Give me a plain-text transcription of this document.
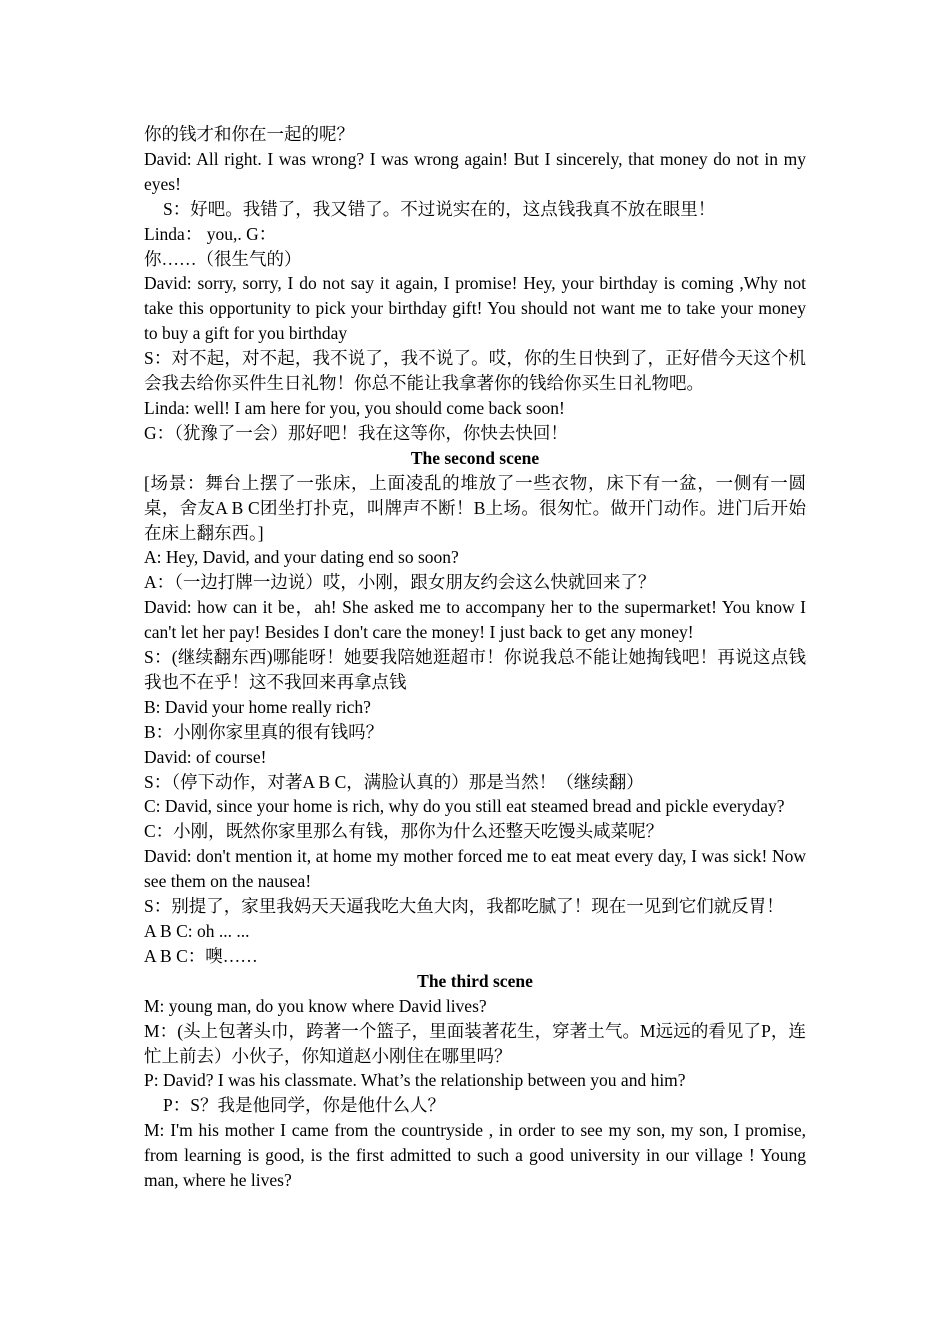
你的钱才和你在一起的呢？

David: All right. I was wrong? I was wrong again! But I sincerely, that money do not in my eyes!

S：好吧。我错了，我又错了。不过说实在的，这点钱我真不放在眼里！

Linda： you,. G：

你……（很生气的）

David: sorry, sorry, I do not say it again, I promise! Hey, your birthday is coming ,Why not take this opportunity to pick your birthday gift! You should not want me to take your money to buy a gift for you birthday

S：对不起，对不起，我不说了，我不说了。哎，你的生日快到了，正好借今天这个机会我去给你买件生日礼物！你总不能让我拿著你的钱给你买生日礼物吧。

Linda: well! I am here for you, you should come back soon!

G：（犹豫了一会）那好吧！我在这等你，你快去快回！

The second scene

[场景：舞台上摆了一张床，上面凌乱的堆放了一些衣物，床下有一盆，一侧有一圆桌，舍友A B C团坐打扑克，叫牌声不断！B上场。很匆忙。做开门动作。进门后开始在床上翻东西。]

A: Hey, David, and your dating end so soon?

A：（一边打牌一边说）哎，小刚，跟女朋友约会这么快就回来了？

David: how can it be，ah! She asked me to accompany her to the supermarket! You know I can't let her pay! Besides I don't care the money! I just back to get any money!

S：(继续翻东西)哪能呀！她要我陪她逛超市！你说我总不能让她掏钱吧！再说这点钱我也不在乎！这不我回来再拿点钱

B: David your home really rich?

B：小刚你家里真的很有钱吗？

David: of course!

S：（停下动作，对著A B C，满脸认真的）那是当然！（继续翻）

C: David, since your home is rich, why do you still eat steamed bread and pickle everyday?

C：小刚，既然你家里那么有钱，那你为什么还整天吃馒头咸菜呢？

David: don't mention it, at home my mother forced me to eat meat every day, I was sick! Now see them on the nausea!

S：别提了，家里我妈天天逼我吃大鱼大肉，我都吃腻了！现在一见到它们就反胃！

A B C: oh ... ...

A B C：噢……

The third scene

M: young man, do you know where David lives?

M：(头上包著头巾，跨著一个篮子，里面装著花生，穿著土气。M远远的看见了P，连忙上前去）小伙子，你知道赵小刚住在哪里吗？

P: David? I was his classmate. What’s the relationship between you and him?

P：S？我是他同学，你是他什么人？

M: I'm his mother I came from the countryside , in order to see my son, my son, I promise, from learning is good, is the first admitted to such a good university in our village ! Young man, where he lives?
